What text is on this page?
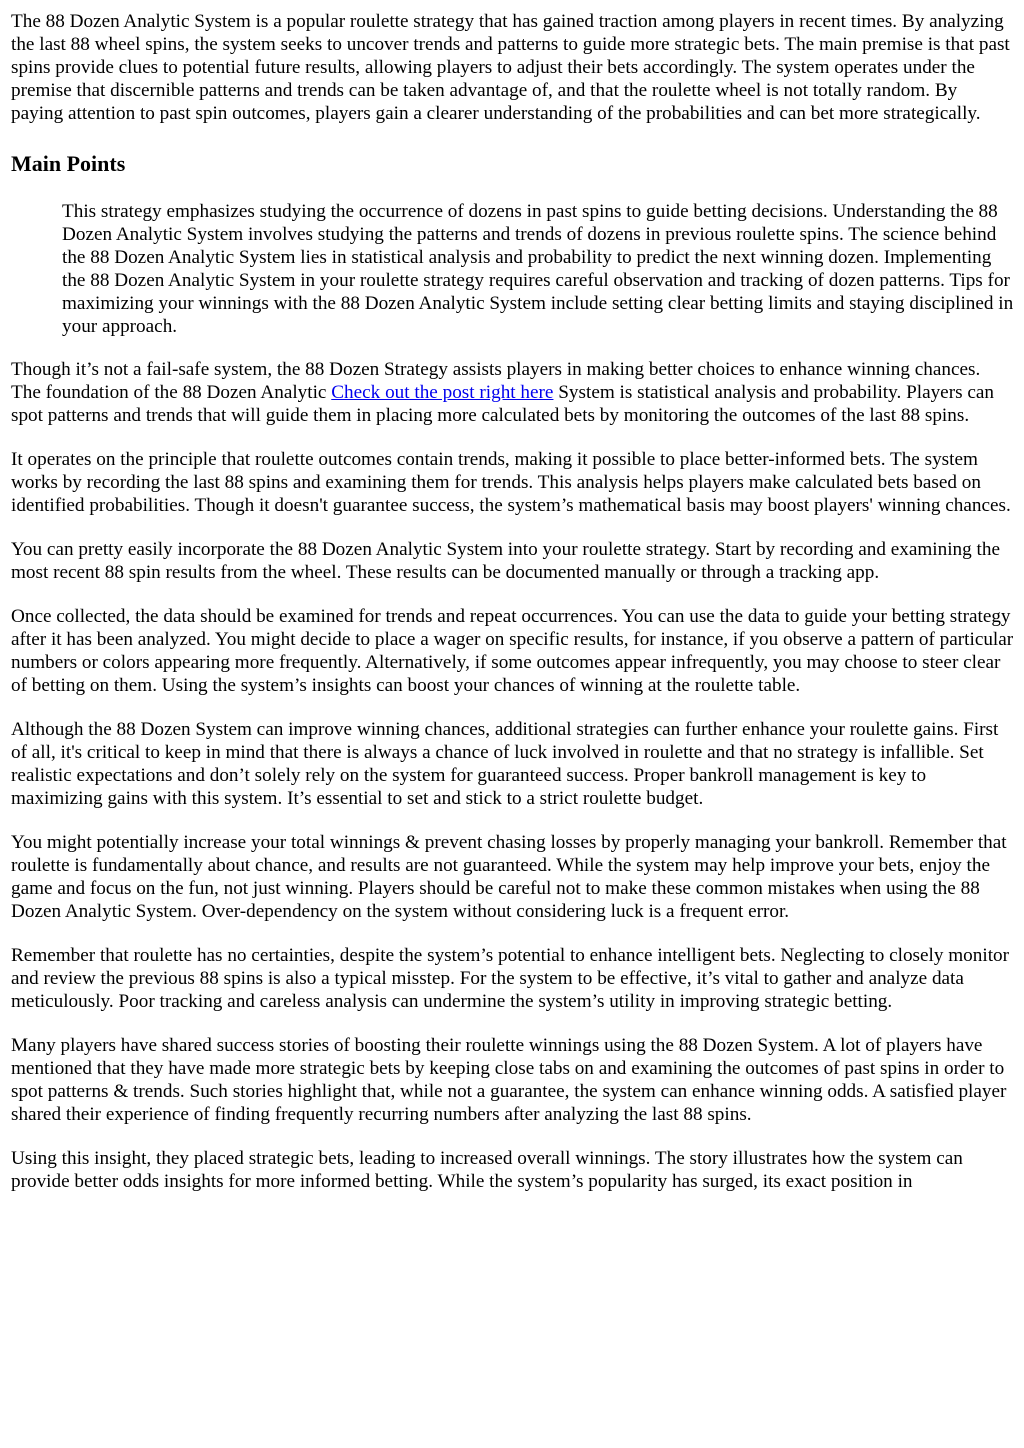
The 88 Dozen Analytic System is a popular roulette strategy that has gained traction among players in recent times. By analyzing the last 88 wheel spins, the system seeks to uncover trends and patterns to guide more strategic bets. The main premise is that past spins provide clues to potential future results, allowing players to adjust their bets accordingly. The system operates under the premise that discernible patterns and trends can be taken advantage of, and that the roulette wheel is not totally random. By paying attention to past spin outcomes, players gain a clearer understanding of the probabilities and can bet more strategically.

Main Points
This strategy emphasizes studying the occurrence of dozens in past spins to guide betting decisions. Understanding the 88 Dozen Analytic System involves studying the patterns and trends of dozens in previous roulette spins. The science behind the 88 Dozen Analytic System lies in statistical analysis and probability to predict the next winning dozen. Implementing the 88 Dozen Analytic System in your roulette strategy requires careful observation and tracking of dozen patterns. Tips for maximizing your winnings with the 88 Dozen Analytic System include setting clear betting limits and staying disciplined in your approach.

Though it’s not a fail-safe system, the 88 Dozen Strategy assists players in making better choices to enhance winning chances. The foundation of the 88 Dozen Analytic Check out the post right here System is statistical analysis and probability. Players can spot patterns and trends that will guide them in placing more calculated bets by monitoring the outcomes of the last 88 spins.

It operates on the principle that roulette outcomes contain trends, making it possible to place better-informed bets. The system works by recording the last 88 spins and examining them for trends. This analysis helps players make calculated bets based on identified probabilities. Though it doesn't guarantee success, the system’s mathematical basis may boost players' winning chances.

You can pretty easily incorporate the 88 Dozen Analytic System into your roulette strategy. Start by recording and examining the most recent 88 spin results from the wheel. These results can be documented manually or through a tracking app.

Once collected, the data should be examined for trends and repeat occurrences. You can use the data to guide your betting strategy after it has been analyzed. You might decide to place a wager on specific results, for instance, if you observe a pattern of particular numbers or colors appearing more frequently. Alternatively, if some outcomes appear infrequently, you may choose to steer clear of betting on them. Using the system’s insights can boost your chances of winning at the roulette table.

Although the 88 Dozen System can improve winning chances, additional strategies can further enhance your roulette gains. First of all, it's critical to keep in mind that there is always a chance of luck involved in roulette and that no strategy is infallible. Set realistic expectations and don’t solely rely on the system for guaranteed success. Proper bankroll management is key to maximizing gains with this system. It’s essential to set and stick to a strict roulette budget.

You might potentially increase your total winnings & prevent chasing losses by properly managing your bankroll. Remember that roulette is fundamentally about chance, and results are not guaranteed. While the system may help improve your bets, enjoy the game and focus on the fun, not just winning. Players should be careful not to make these common mistakes when using the 88 Dozen Analytic System. Over-dependency on the system without considering luck is a frequent error.

Remember that roulette has no certainties, despite the system’s potential to enhance intelligent bets. Neglecting to closely monitor and review the previous 88 spins is also a typical misstep. For the system to be effective, it’s vital to gather and analyze data meticulously. Poor tracking and careless analysis can undermine the system’s utility in improving strategic betting.

Many players have shared success stories of boosting their roulette winnings using the 88 Dozen System. A lot of players have mentioned that they have made more strategic bets by keeping close tabs on and examining the outcomes of past spins in order to spot patterns & trends. Such stories highlight that, while not a guarantee, the system can enhance winning odds. A satisfied player shared their experience of finding frequently recurring numbers after analyzing the last 88 spins.

Using this insight, they placed strategic bets, leading to increased overall winnings. The story illustrates how the system can provide better odds insights for more informed betting. While the system’s popularity has surged, its exact position in
